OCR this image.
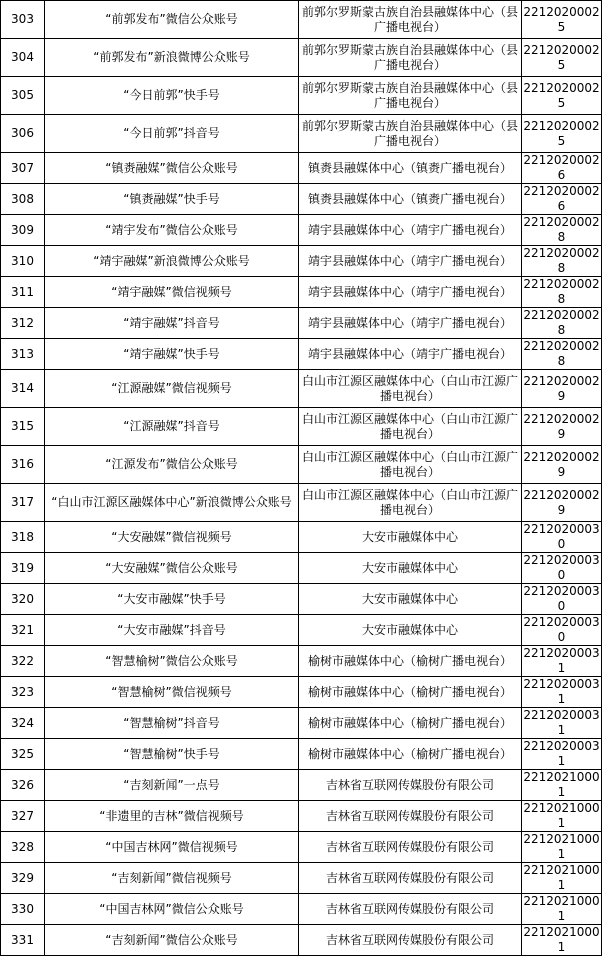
303	“前郭发布”微信公众账号	前郭尔罗斯蒙古族自治县融媒体中心（县广播电视台）	22120200025
304	“前郭发布”新浪微博公众账号	前郭尔罗斯蒙古族自治县融媒体中心（县广播电视台）	22120200025
305	“今日前郭”快手号	前郭尔罗斯蒙古族自治县融媒体中心（县广播电视台）	22120200025
306	“今日前郭”抖音号	前郭尔罗斯蒙古族自治县融媒体中心（县广播电视台）	22120200025
307	“镇赉融媒”微信公众账号	镇赉县融媒体中心（镇赉广播电视台）	22120200026
308	“镇赉融媒”快手号	镇赉县融媒体中心（镇赉广播电视台）	22120200026
309	“靖宇发布”微信公众账号	靖宇县融媒体中心（靖宇广播电视台）	22120200028
310	“靖宇融媒”新浪微博公众账号	靖宇县融媒体中心（靖宇广播电视台）	22120200028
311	“靖宇融媒”微信视频号	靖宇县融媒体中心（靖宇广播电视台）	22120200028
312	“靖宇融媒”抖音号	靖宇县融媒体中心（靖宇广播电视台）	22120200028
313	“靖宇融媒”快手号	靖宇县融媒体中心（靖宇广播电视台）	22120200028
314	“江源融媒”微信视频号	白山市江源区融媒体中心（白山市江源广播电视台）	22120200029
315	“江源融媒”抖音号	白山市江源区融媒体中心（白山市江源广播电视台）	22120200029
316	“江源发布”微信公众账号	白山市江源区融媒体中心（白山市江源广播电视台）	22120200029
317	“白山市江源区融媒体中心”新浪微博公众账号	白山市江源区融媒体中心（白山市江源广播电视台）	22120200029
318	“大安融媒”微信视频号	大安市融媒体中心	22120200030
319	“大安融媒”微信公众账号	大安市融媒体中心	22120200030
320	“大安市融媒”快手号	大安市融媒体中心	22120200030
321	“大安市融媒”抖音号	大安市融媒体中心	22120200030
322	“智慧榆树”微信公众账号	榆树市融媒体中心（榆树广播电视台）	22120200031
323	“智慧榆树”微信视频号	榆树市融媒体中心（榆树广播电视台）	22120200031
324	“智慧榆树”抖音号	榆树市融媒体中心（榆树广播电视台）	22120200031
325	“智慧榆树”快手号	榆树市融媒体中心（榆树广播电视台）	22120200031
326	“吉刻新闻”一点号	吉林省互联网传媒股份有限公司	22120210001
327	“非遗里的吉林”微信视频号	吉林省互联网传媒股份有限公司	22120210001
328	“中国吉林网”微信视频号	吉林省互联网传媒股份有限公司	22120210001
329	“吉刻新闻”微信视频号	吉林省互联网传媒股份有限公司	22120210001
330	“中国吉林网”微信公众账号	吉林省互联网传媒股份有限公司	22120210001
331	“吉刻新闻”微信公众账号	吉林省互联网传媒股份有限公司	22120210001
